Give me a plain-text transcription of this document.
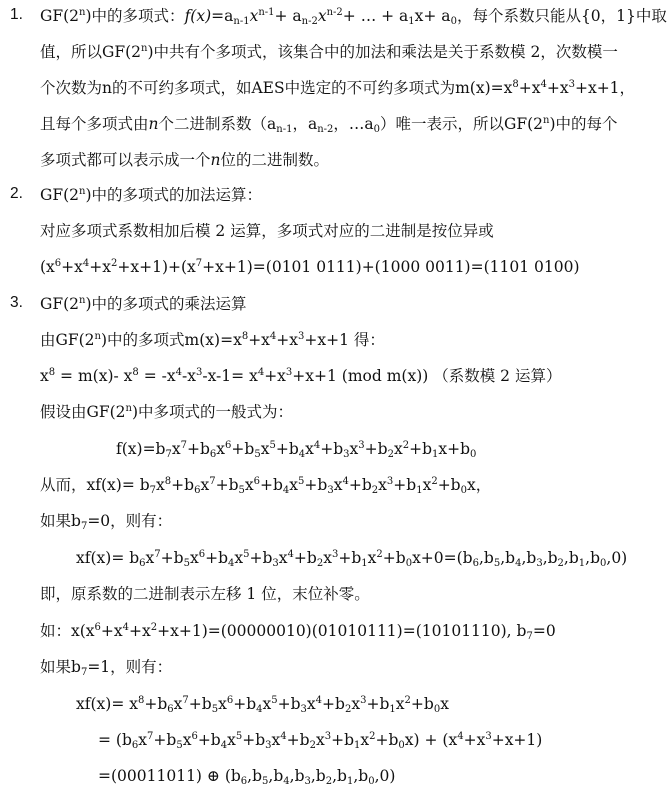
1.
2.
3.
GF(2$^n$)中的多项式：$f(x)=a_{n-1}x^{n-1}+ a_{n-2}x^{n-2}+$ … + $a_1x+ a_0$，每个系数只能从{0，1}中取
值，所以GF(2$^n$)中共有个多项式，该集合中的加法和乘法是关于系数模 2，次数模一
个次数为n的不可约多项式，如AES中选定的不可约多项式为$m(x)=x^8+x^4+x^3+x+1$，
且每个多项式由n个二进制系数（$a_{n-1}$，$a_{n-2}$，$\dots a_0$）唯一表示，所以GF(2$^n$)中的每个
多项式都可以表示成一个n位的二进制数。
GF(2$^n$)中的多项式的加法运算：
对应多项式系数相加后模 2 运算，多项式对应的二进制是按位异或
$(x^6+x^4+x^2+x+1)+(x^7+x+1)=(0101$ 0111)+(1000 0011)=(1101 0100)
GF(2$^n$)中的多项式的乘法运算
由GF(2$^n$)中的多项式$m(x)=x^8+x^4+x^3+x+1$ 得：
$x^8 = m(x)-$ $x^8 = -x^4-x^3-x-1= x^4+x^3+x+1$ (mod m(x)) （系数模 2 运算）
假设由GF(2$^n$)中多项式的一般式为：
$f(x)=b_7x^7+b_6x^6+b_5x^5+b_4x^4+b_3x^3+b_2x^2+b_1x+b_0$
从而，$xf(x)= b_7x^8+b_6x^7+b_5x^6+b_4x^5+b_3x^4+b_2x^3+b_1x^2+b_0x$，
如果$b_7=0$，则有：
$xf(x)= b_6x^7+b_5x^6+b_4x^5+b_3x^4+b_2x^3+b_1x^2+b_0x+0=(b_6,b_5,b_4,b_3,b_2,b_1,b_0,0)$
即，原系数的二进制表示左移 1 位，末位补零。
如：$x(x^6+x^4+x^2+x+1)=(00000010)(01010111)=(10101110)$, $b_7=0$
如果$b_7=1$，则有：
$xf(x)= x^8+b_6x^7+b_5x^6+b_4x^5+b_3x^4+b_2x^3+b_1x^2+b_0x$
= $(b_6x^7+b_5x^6+b_4x^5+b_3x^4+b_2x^3+b_1x^2+b_0x) + (x^4+x^3+x+1)$
=(00011011) ⊕ $(b_6,b_5,b_4,b_3,b_2,b_1,b_0,0)$
